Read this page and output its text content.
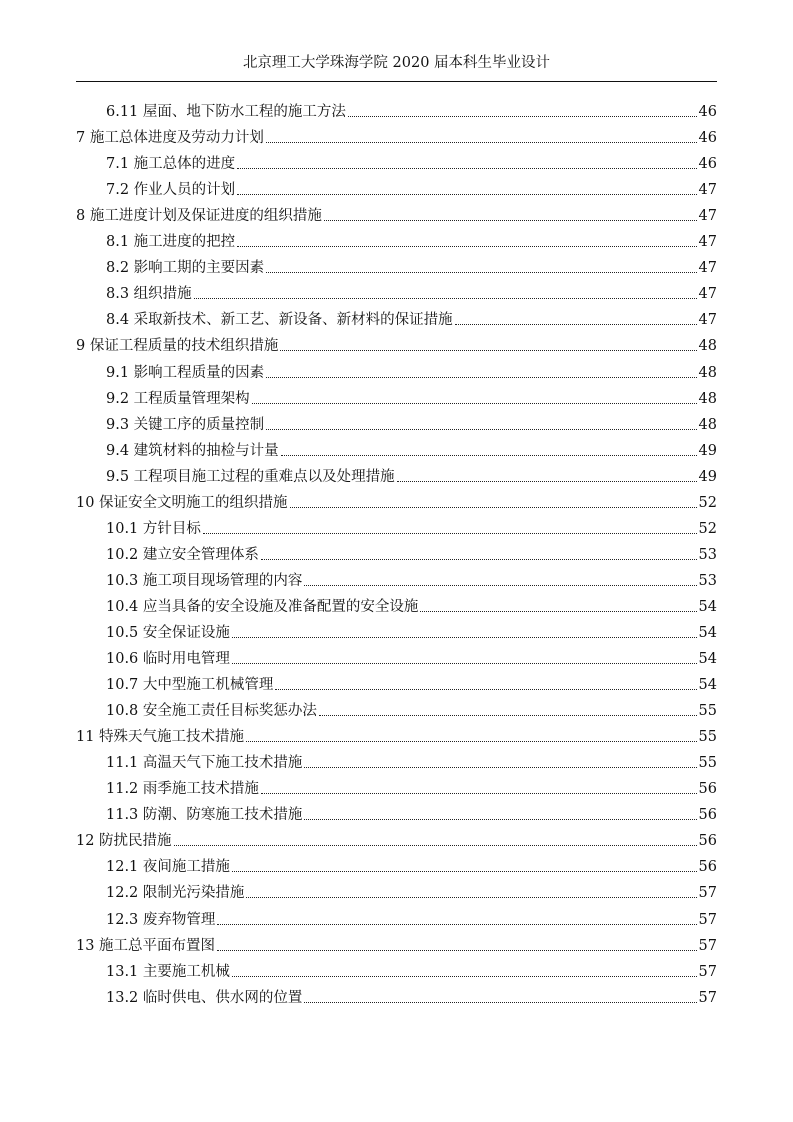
北京理工大学珠海学院 2020 届本科生毕业设计
6.11 屋面、地下防水工程的施工方法	46
7 施工总体进度及劳动力计划	46
7.1 施工总体的进度	46
7.2 作业人员的计划	47
8 施工进度计划及保证进度的组织措施	47
8.1 施工进度的把控	47
8.2 影响工期的主要因素	47
8.3 组织措施	47
8.4 采取新技术、新工艺、新设备、新材料的保证措施	47
9 保证工程质量的技术组织措施	48
9.1 影响工程质量的因素	48
9.2 工程质量管理架构	48
9.3 关键工序的质量控制	48
9.4 建筑材料的抽检与计量	49
9.5 工程项目施工过程的重难点以及处理措施	49
10 保证安全文明施工的组织措施	52
10.1 方针目标	52
10.2 建立安全管理体系	53
10.3 施工项目现场管理的内容	53
10.4 应当具备的安全设施及准备配置的安全设施	54
10.5 安全保证设施	54
10.6 临时用电管理	54
10.7 大中型施工机械管理	54
10.8 安全施工责任目标奖惩办法	55
11 特殊天气施工技术措施	55
11.1 高温天气下施工技术措施	55
11.2 雨季施工技术措施	56
11.3 防潮、防寒施工技术措施	56
12 防扰民措施	56
12.1 夜间施工措施	56
12.2 限制光污染措施	57
12.3 废弃物管理	57
13 施工总平面布置图	57
13.1 主要施工机械	57
13.2 临时供电、供水网的位置	57
